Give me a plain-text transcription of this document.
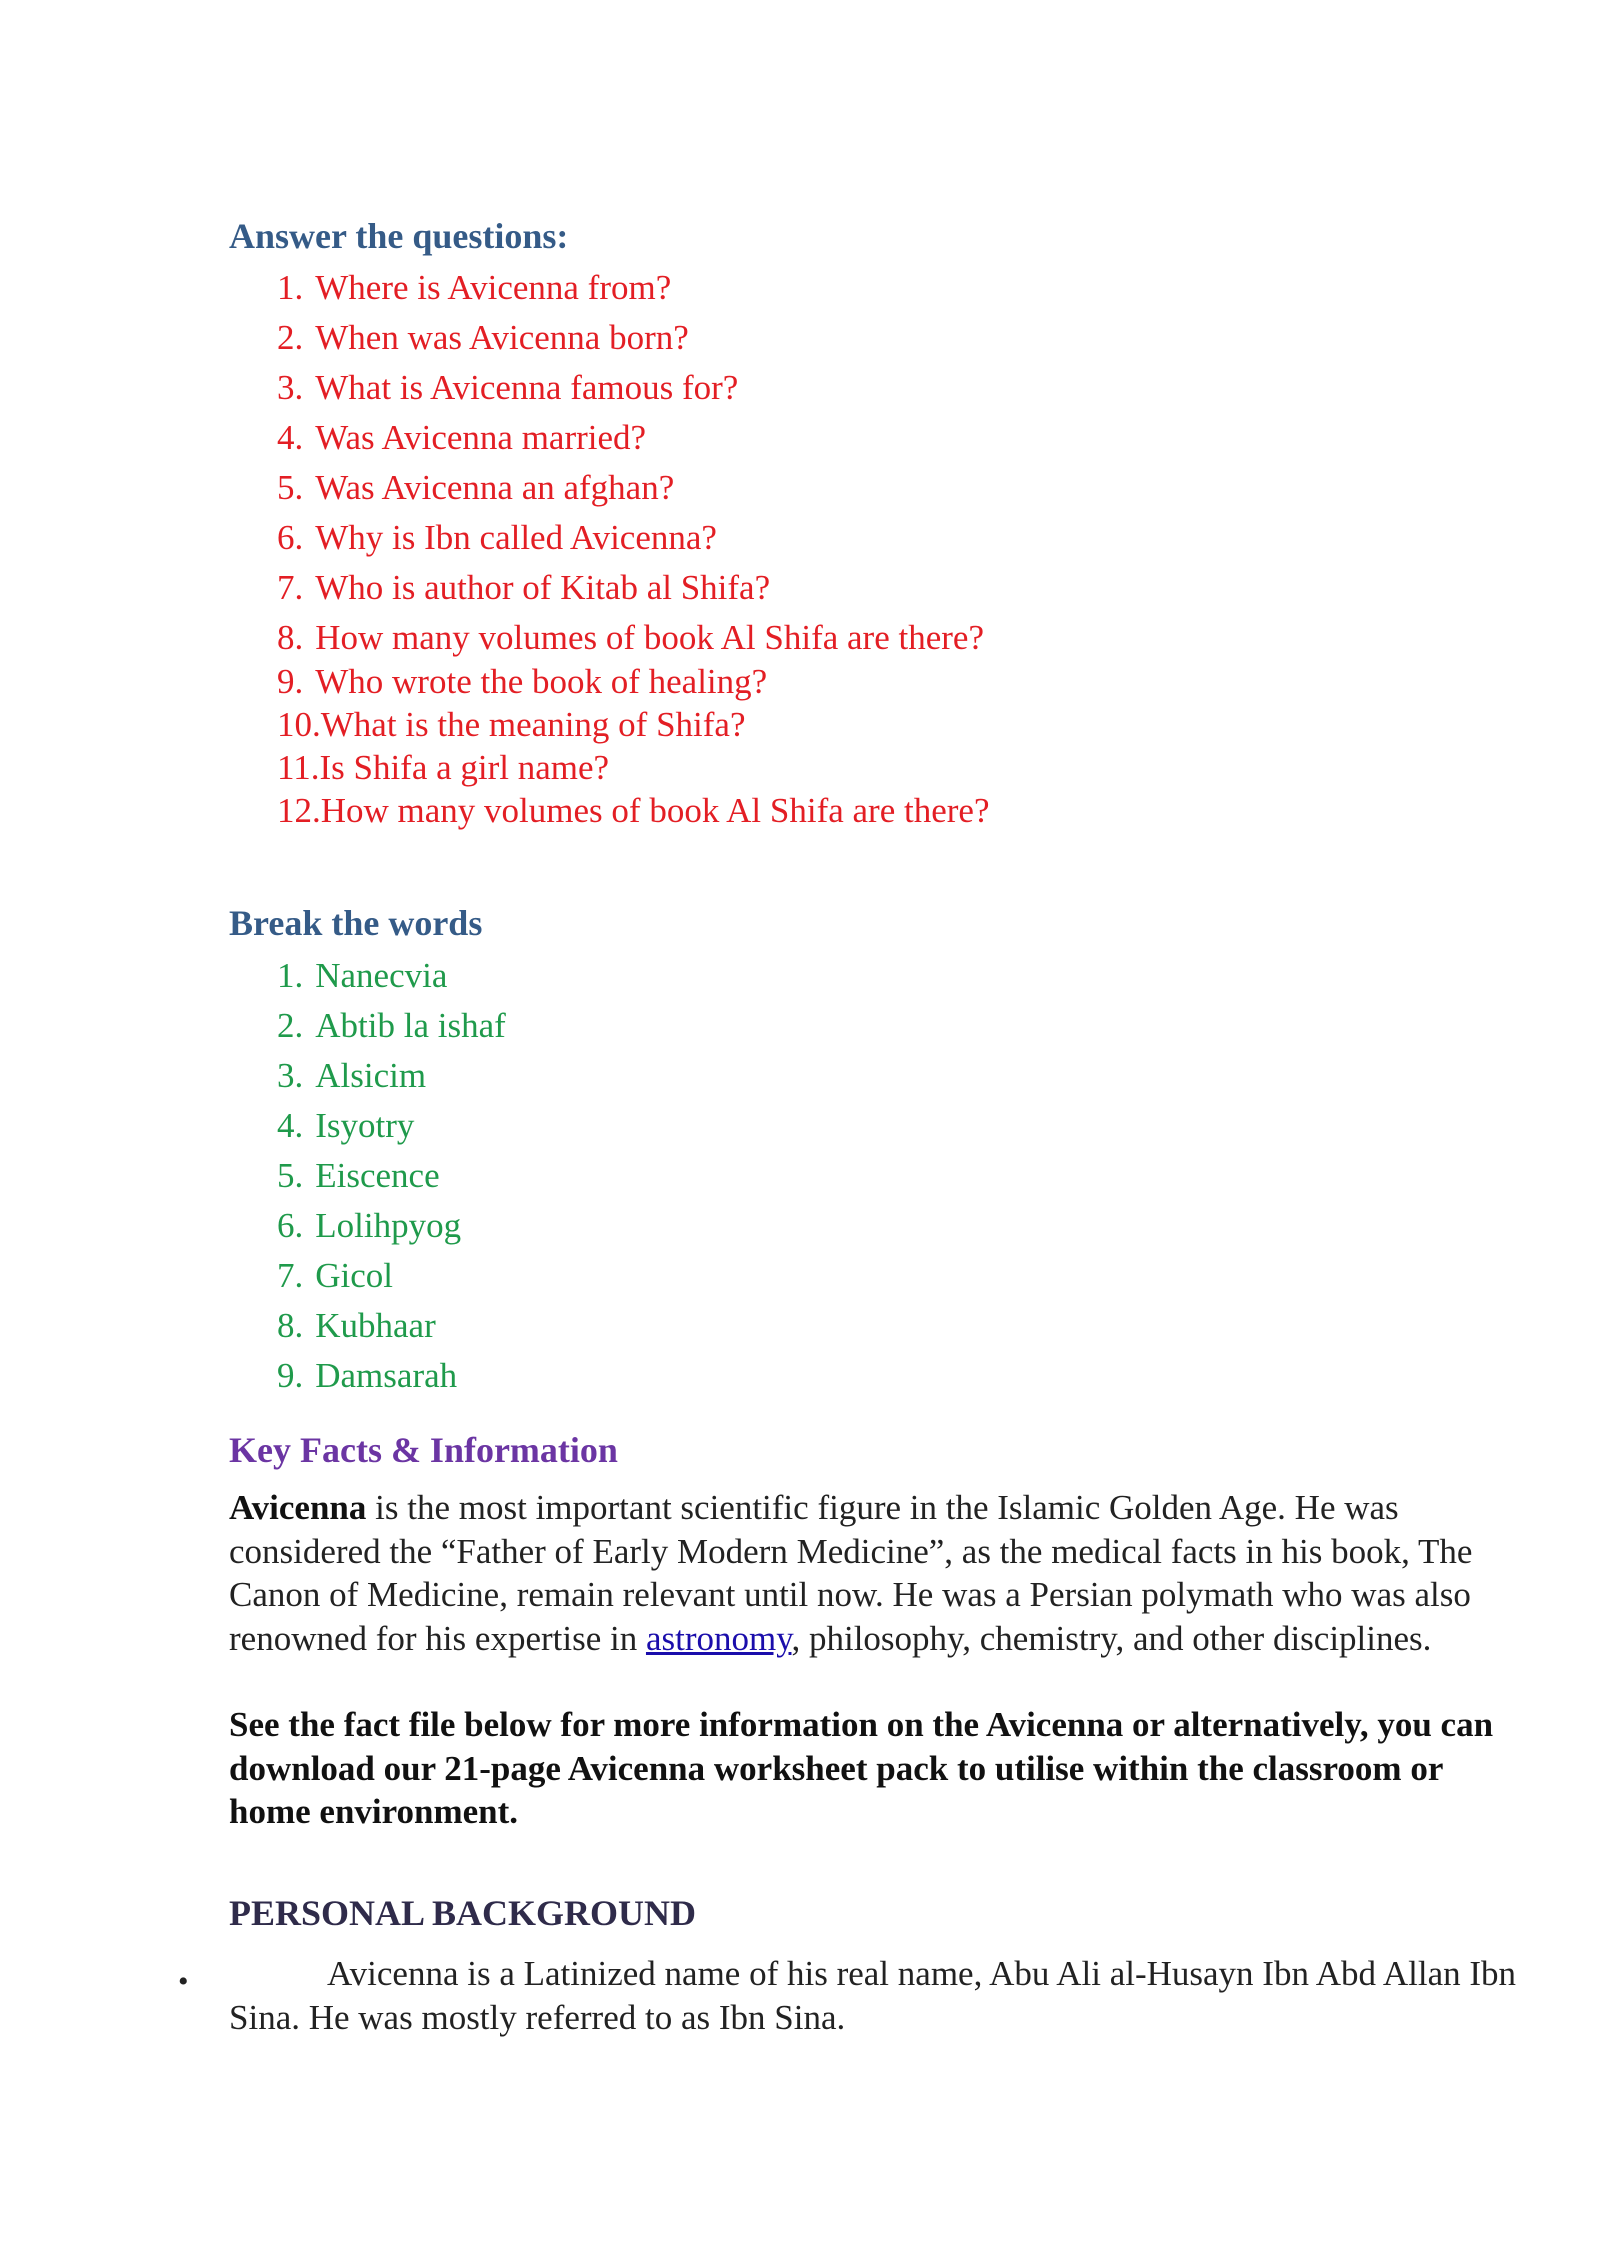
Answer the questions:
1. Where is Avicenna from?
2. When was Avicenna born?
3. What is Avicenna famous for?
4. Was Avicenna married?
5. Was Avicenna an afghan?
6. Why is Ibn called Avicenna?
7. Who is author of Kitab al Shifa?
8. How many volumes of book Al Shifa are there?
9. Who wrote the book of healing?
10.What is the meaning of Shifa?
11.Is Shifa a girl name?
12.How many volumes of book Al Shifa are there?
Break the words
1. Nanecvia
2. Abtib la ishaf
3. Alsicim
4. Isyotry
5. Eiscence
6. Lolihpyog
7. Gicol
8. Kubhaar
9. Damsarah
Key Facts & Information

Avicenna is the most important scientific figure in the Islamic Golden Age. He was considered the “Father of Early Modern Medicine”, as the medical facts in his book, The Canon of Medicine, remain relevant until now. He was a Persian polymath who was also renowned for his expertise in astronomy, philosophy, chemistry, and other disciplines.

See the fact file below for more information on the Avicenna or alternatively, you can download our 21-page Avicenna worksheet pack to utilise within the classroom or home environment.

PERSONAL BACKGROUND
•	Avicenna is a Latinized name of his real name, Abu Ali al-Husayn Ibn Abd Allan Ibn Sina. He was mostly referred to as Ibn Sina.
